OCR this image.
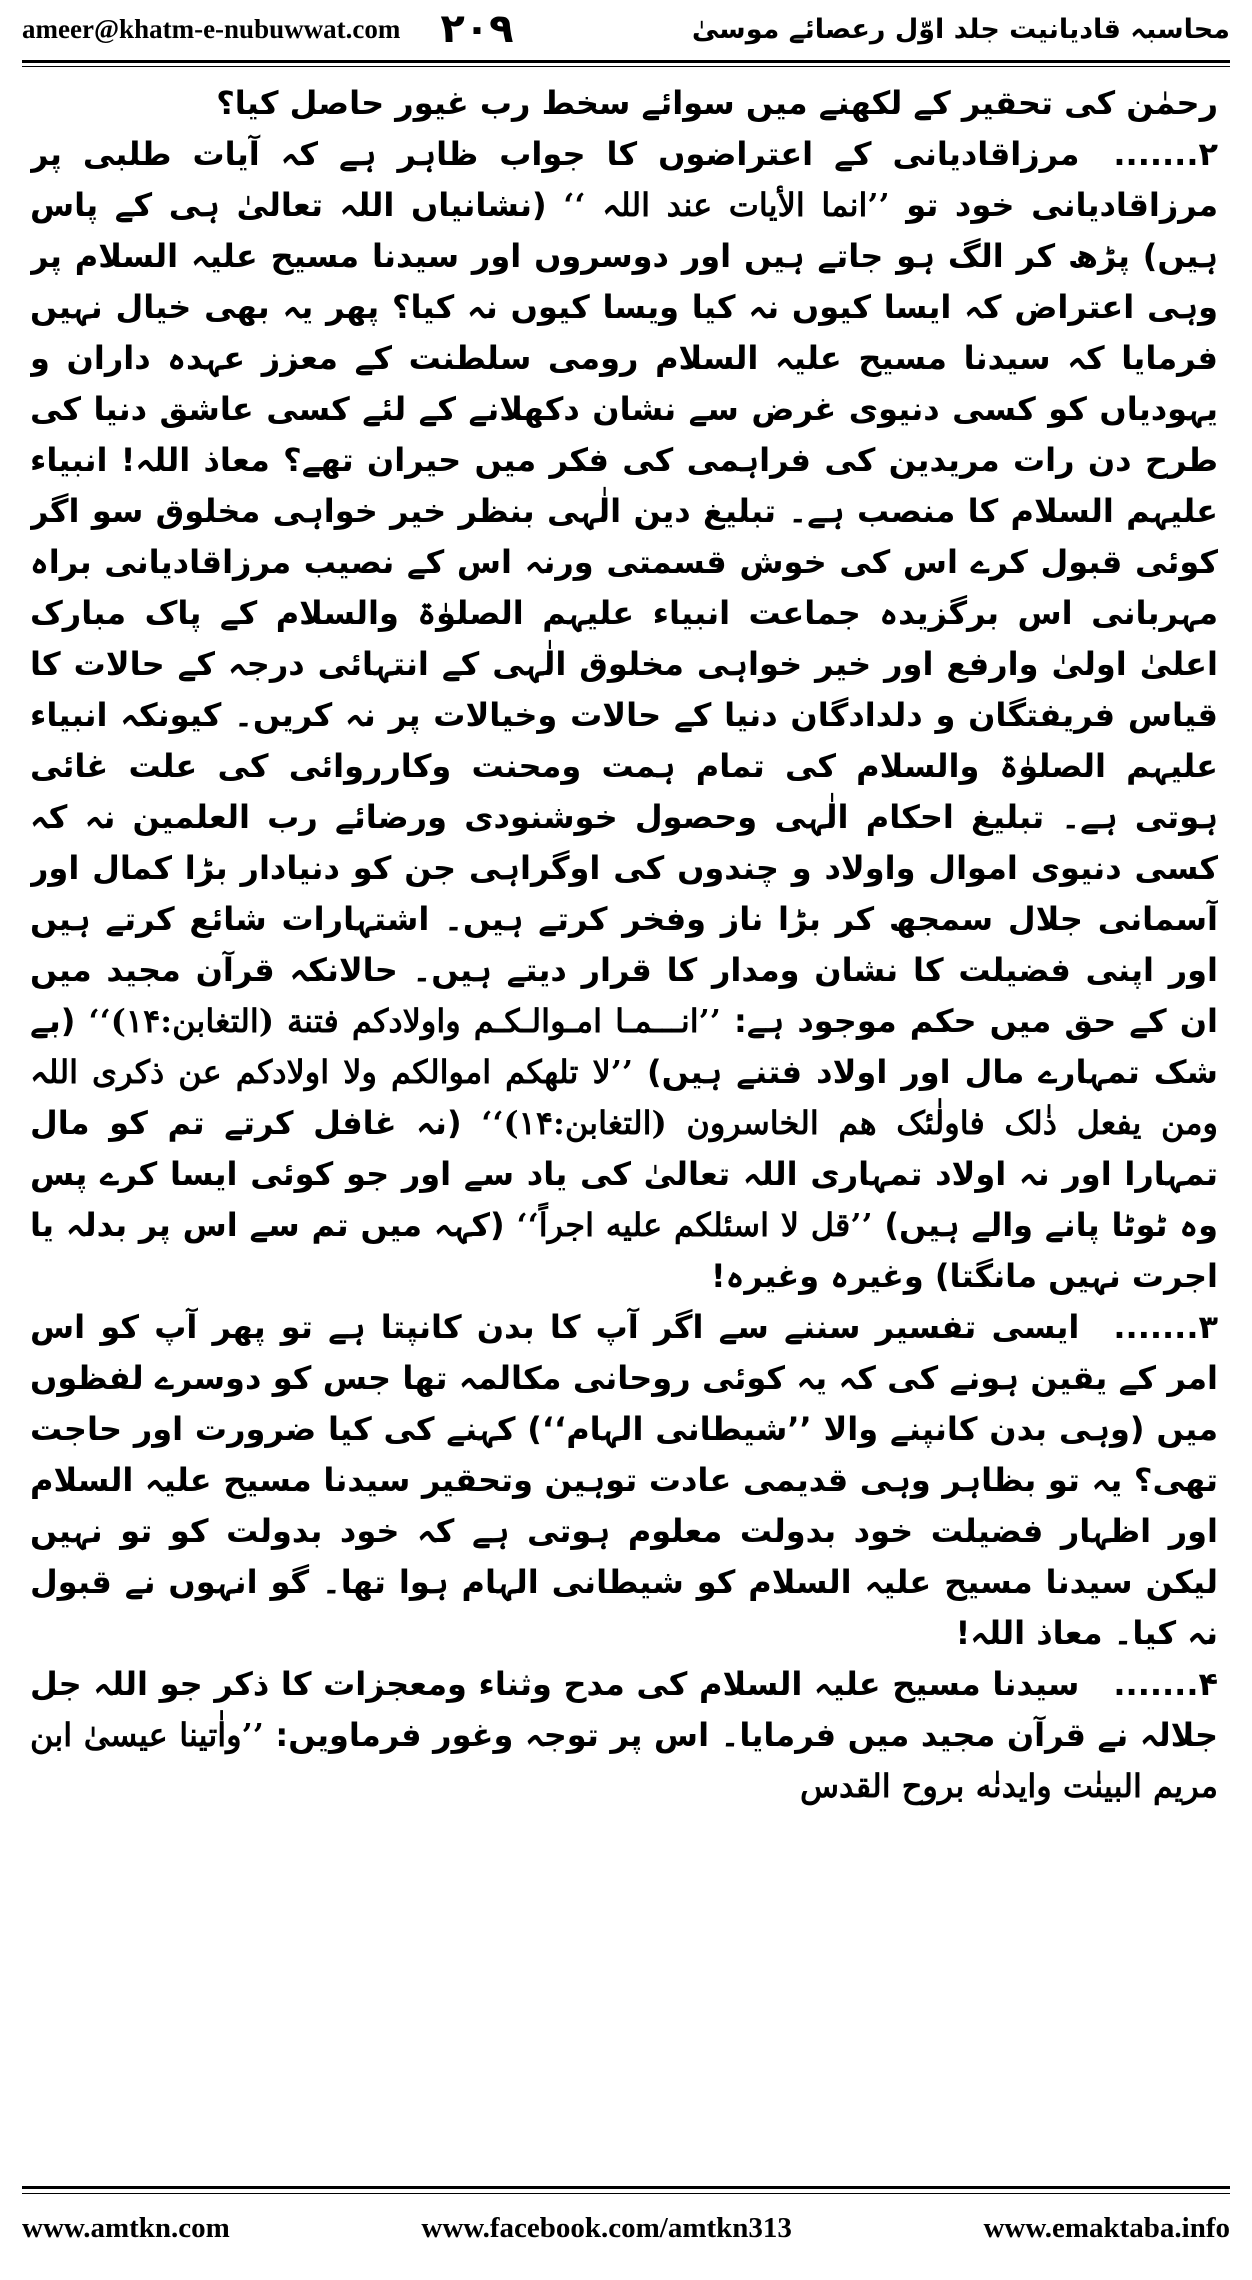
ameer@khatm-e-nubuwwat.com ۲۰۹	محاسبہ قادیانیت جلد اوّل رعصائے موسیٰ

رحمٰن کی تحقیر کے لکھنے میں سوائے سخط رب غیور حاصل کیا؟

۲.......مرزاقادیانی کے اعتراضوں کا جواب ظاہر ہے کہ آیات طلبی پر مرزاقادیانی خود تو ’’انما الأیات عند اللہ ‘‘ (نشانیاں اللہ تعالیٰ ہی کے پاس ہیں) پڑھ کر الگ ہو جاتے ہیں اور دوسروں اور سیدنا مسیح علیہ السلام پر وہی اعتراض کہ ایسا کیوں نہ کیا ویسا کیوں نہ کیا؟ پھر یہ بھی خیال نہیں فرمایا کہ سیدنا مسیح علیہ السلام رومی سلطنت کے معزز عہدہ داران و یہودیاں کو کسی دنیوی غرض سے نشان دکھلانے کے لئے کسی عاشق دنیا کی طرح دن رات مریدین کی فراہمی کی فکر میں حیران تھے؟ معاذ اللہ! انبیاء علیہم السلام کا منصب ہے۔ تبلیغ دین الٰہی بنظر خیر خواہی مخلوق سو اگر کوئی قبول کرے اس کی خوش قسمتی ورنہ اس کے نصیب مرزاقادیانی براہ مہربانی اس برگزیدہ جماعت انبیاء علیہم الصلوٰۃ والسلام کے پاک مبارک اعلیٰ اولیٰ وارفع اور خیر خواہی مخلوق الٰہی کے انتہائی درجہ کے حالات کا قیاس فریفتگان و دلدادگان دنیا کے حالات وخیالات پر نہ کریں۔ کیونکہ انبیاء علیہم الصلوٰۃ والسلام کی تمام ہمت ومحنت وکارروائی کی علت غائی ہوتی ہے۔ تبلیغ احکام الٰہی وحصول خوشنودی ورضائے رب العلمین نہ کہ کسی دنیوی اموال واولاد و چندوں کی اوگراہی جن کو دنیادار بڑا کمال اور آسمانی جلال سمجھ کر بڑا ناز وفخر کرتے ہیں۔ اشتہارات شائع کرتے ہیں اور اپنی فضیلت کا نشان ومدار کا قرار دیتے ہیں۔ حالانکہ قرآن مجید میں ان کے حق میں حکم موجود ہے: ’’انـــمـا امـوالـکـم واولادکم فتنة (التغابن:۱۴)‘‘ (بے شک تمہارے مال اور اولاد فتنے ہیں) ’’لا تلهکم اموالکم ولا اولادکم عن ذکری اللہ ومن یفعل ذٰلک فاولٰئک هم الخاسرون (التغابن:۱۴)‘‘ (نہ غافل کرتے تم کو مال تمہارا اور نہ اولاد تمہاری اللہ تعالیٰ کی یاد سے اور جو کوئی ایسا کرے پس وہ ٹوٹا پانے والے ہیں) ’’قل لا اسئلکم علیه اجراً‘‘ (کہہ میں تم سے اس پر بدلہ یا اجرت نہیں مانگتا) وغیرہ وغیرہ!

۳.......ایسی تفسیر سننے سے اگر آپ کا بدن کانپتا ہے تو پھر آپ کو اس امر کے یقین ہونے کی کہ یہ کوئی روحانی مکالمہ تھا جس کو دوسرے لفظوں میں (وہی بدن کانپنے والا ’’شیطانی الہام‘‘) کہنے کی کیا ضرورت اور حاجت تھی؟ یہ تو بظاہر وہی قدیمی عادت توہین وتحقیر سیدنا مسیح علیہ السلام اور اظہار فضیلت خود بدولت معلوم ہوتی ہے کہ خود بدولت کو تو نہیں لیکن سیدنا مسیح علیہ السلام کو شیطانی الہام ہوا تھا۔ گو انہوں نے قبول نہ کیا۔ معاذ اللہ!

۴.......سیدنا مسیح علیہ السلام کی مدح وثناء ومعجزات کا ذکر جو اللہ جل جلالہ نے قرآن مجید میں فرمایا۔ اس پر توجہ وغور فرماویں: ’’واٰتینا عیسیٰ ابن مریم البینٰت وایدنٰه بروح القدس

www.amtkn.com	www.facebook.com/amtkn313	www.emaktaba.info
